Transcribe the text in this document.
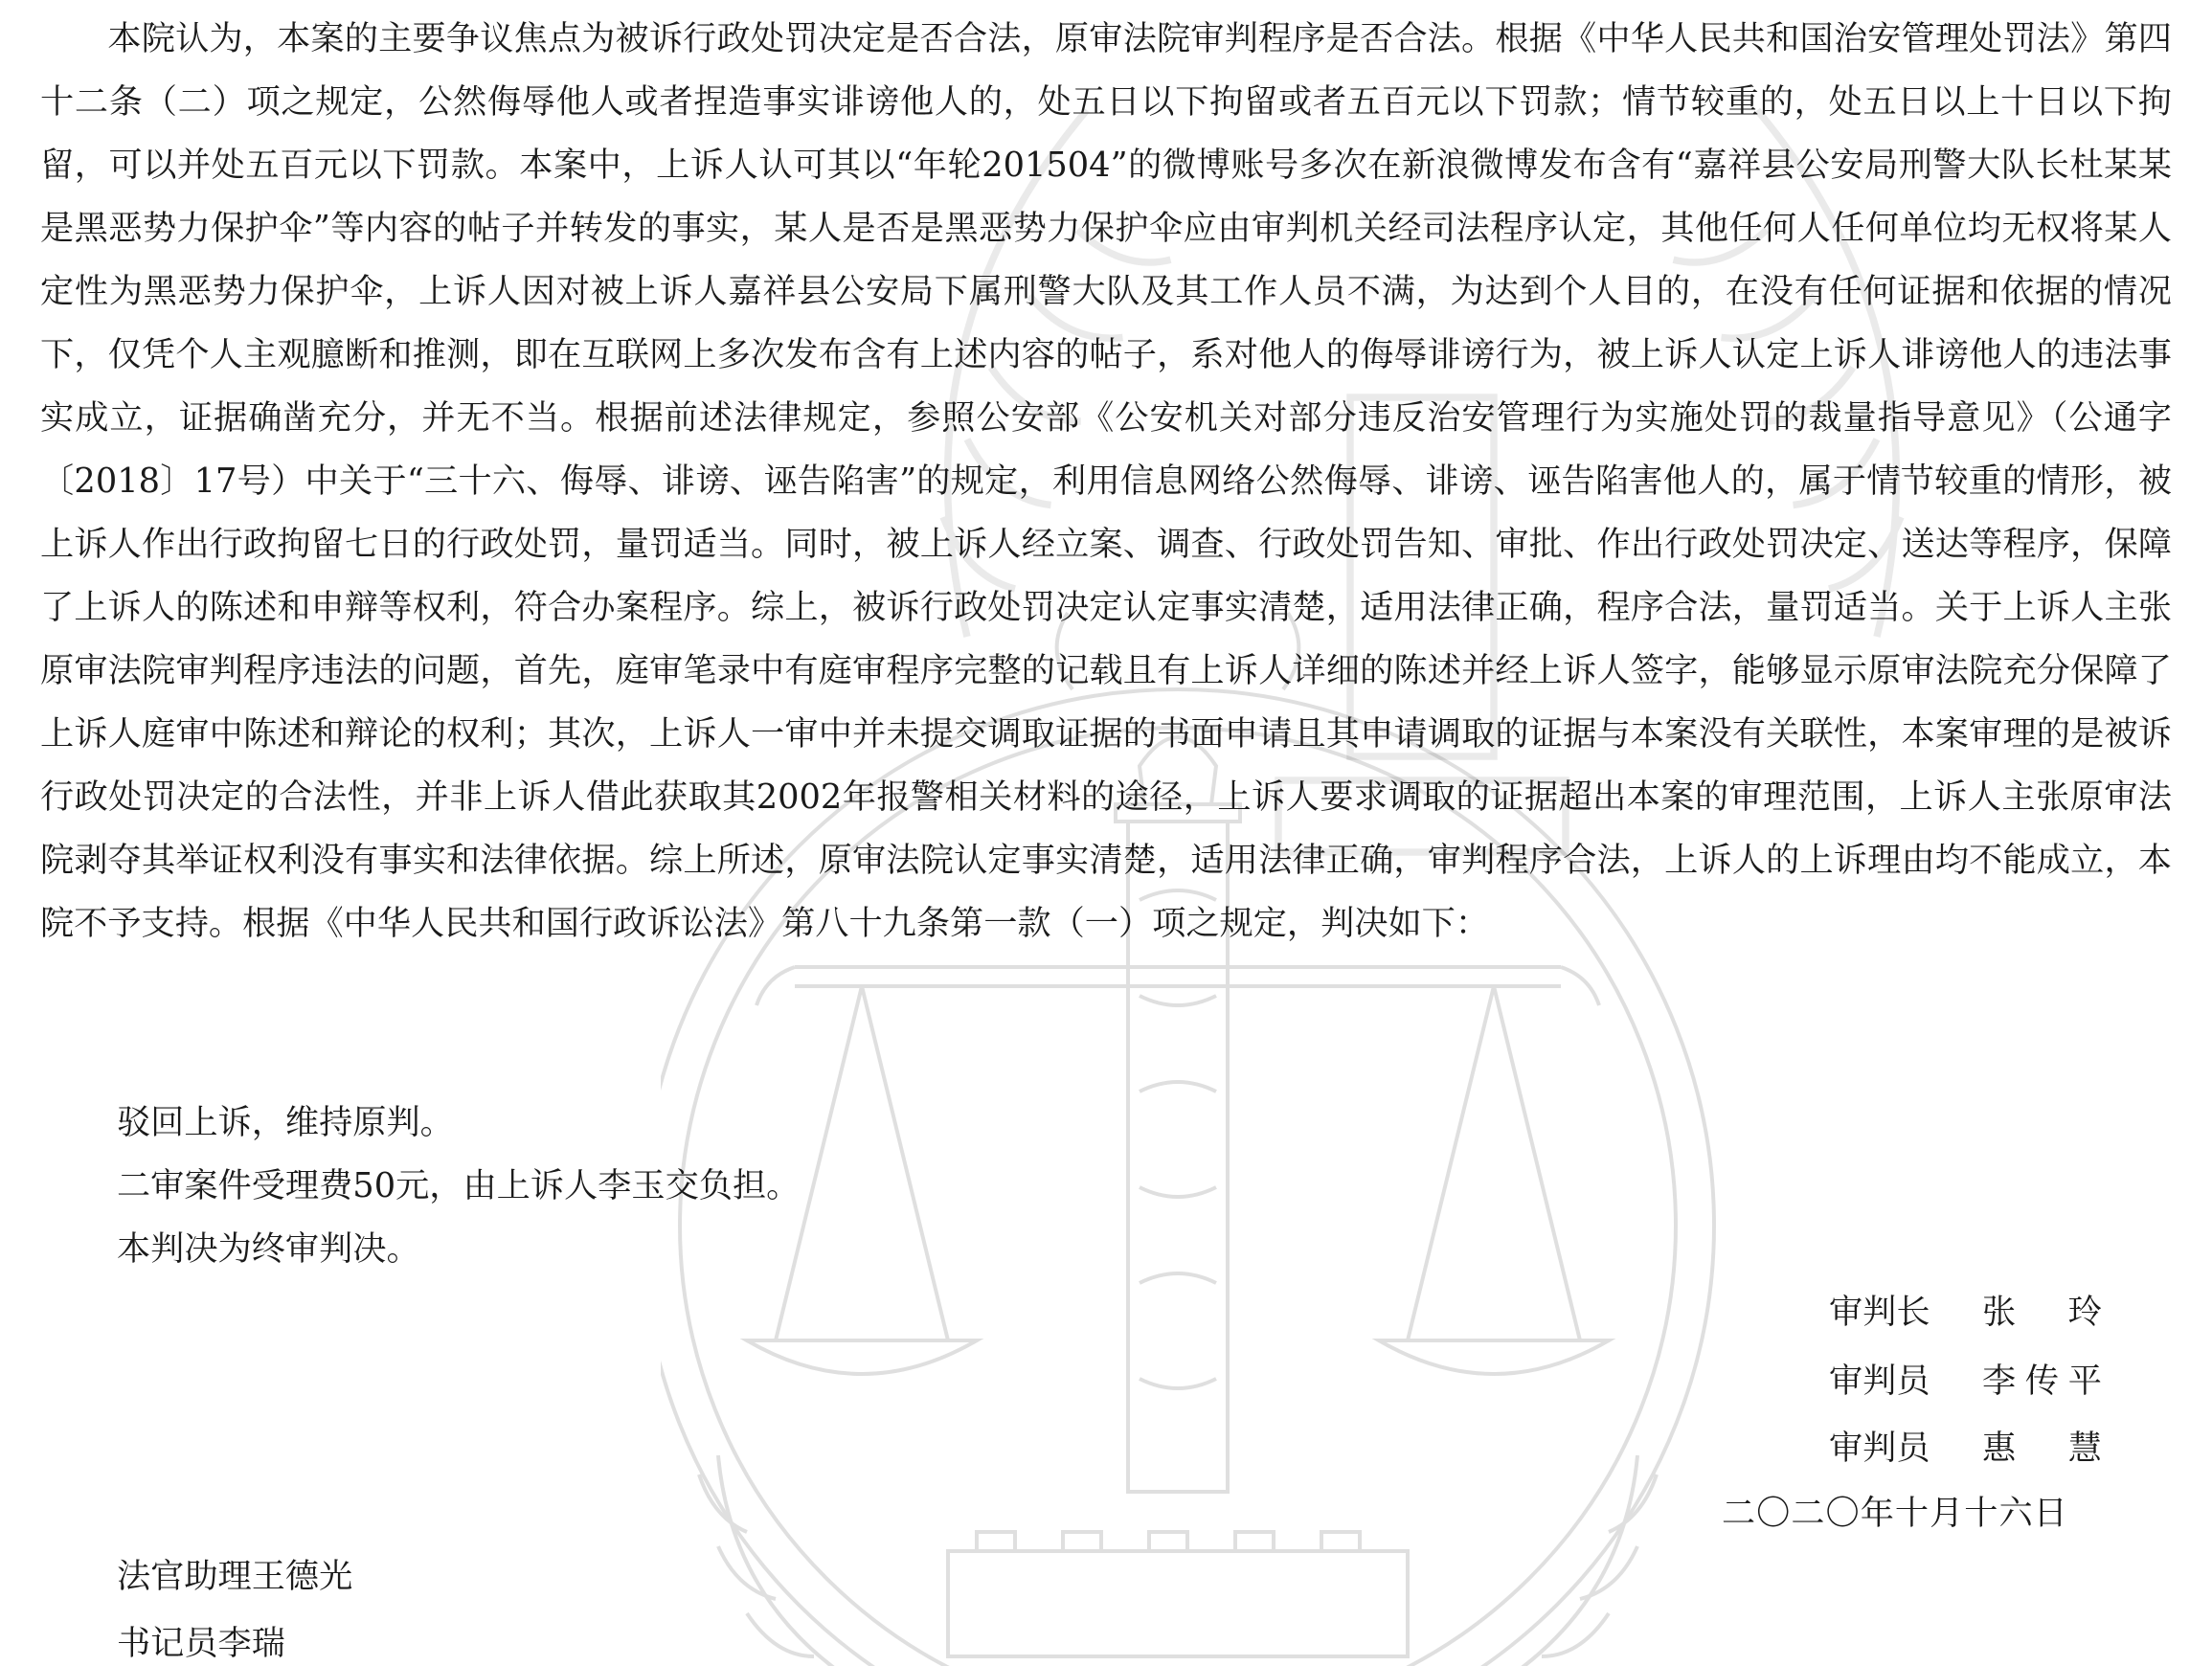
本院认为，本案的主要争议焦点为被诉行政处罚决定是否合法，原审法院审判程序是否合法。根据《中华人民共和国治安管理处罚法》第四十二条（二）项之规定，公然侮辱他人或者捏造事实诽谤他人的，处五日以下拘留或者五百元以下罚款；情节较重的，处五日以上十日以下拘留，可以并处五百元以下罚款。本案中，上诉人认可其以“年轮201504”的微博账号多次在新浪微博发布含有“嘉祥县公安局刑警大队长杜某某是黑恶势力保护伞”等内容的帖子并转发的事实，某人是否是黑恶势力保护伞应由审判机关经司法程序认定，其他任何人任何单位均无权将某人定性为黑恶势力保护伞，上诉人因对被上诉人嘉祥县公安局下属刑警大队及其工作人员不满，为达到个人目的，在没有任何证据和依据的情况下，仅凭个人主观臆断和推测，即在互联网上多次发布含有上述内容的帖子，系对他人的侮辱诽谤行为，被上诉人认定上诉人诽谤他人的违法事实成立，证据确凿充分，并无不当。根据前述法律规定，参照公安部《公安机关对部分违反治安管理行为实施处罚的裁量指导意见》（公通字〔2018〕17号）中关于“三十六、侮辱、诽谤、诬告陷害”的规定，利用信息网络公然侮辱、诽谤、诬告陷害他人的，属于情节较重的情形，被上诉人作出行政拘留七日的行政处罚，量罚适当。同时，被上诉人经立案、调查、行政处罚告知、审批、作出行政处罚决定、送达等程序，保障了上诉人的陈述和申辩等权利，符合办案程序。综上，被诉行政处罚决定认定事实清楚，适用法律正确，程序合法，量罚适当。关于上诉人主张原审法院审判程序违法的问题，首先，庭审笔录中有庭审程序完整的记载且有上诉人详细的陈述并经上诉人签字，能够显示原审法院充分保障了上诉人庭审中陈述和辩论的权利；其次，上诉人一审中并未提交调取证据的书面申请且其申请调取的证据与本案没有关联性，本案审理的是被诉行政处罚决定的合法性，并非上诉人借此获取其2002年报警相关材料的途径，上诉人要求调取的证据超出本案的审理范围，上诉人主张原审法院剥夺其举证权利没有事实和法律依据。综上所述，原审法院认定事实清楚，适用法律正确，审判程序合法，上诉人的上诉理由均不能成立，本院不予支持。根据《中华人民共和国行政诉讼法》第八十九条第一款（一）项之规定，判决如下：

驳回上诉，维持原判。

二审案件受理费50元，由上诉人李玉交负担。

本判决为终审判决。

审判长 张玲
审判员 李传平
审判员 惠慧
二〇二〇年十月十六日

法官助理王德光

书记员李瑞
